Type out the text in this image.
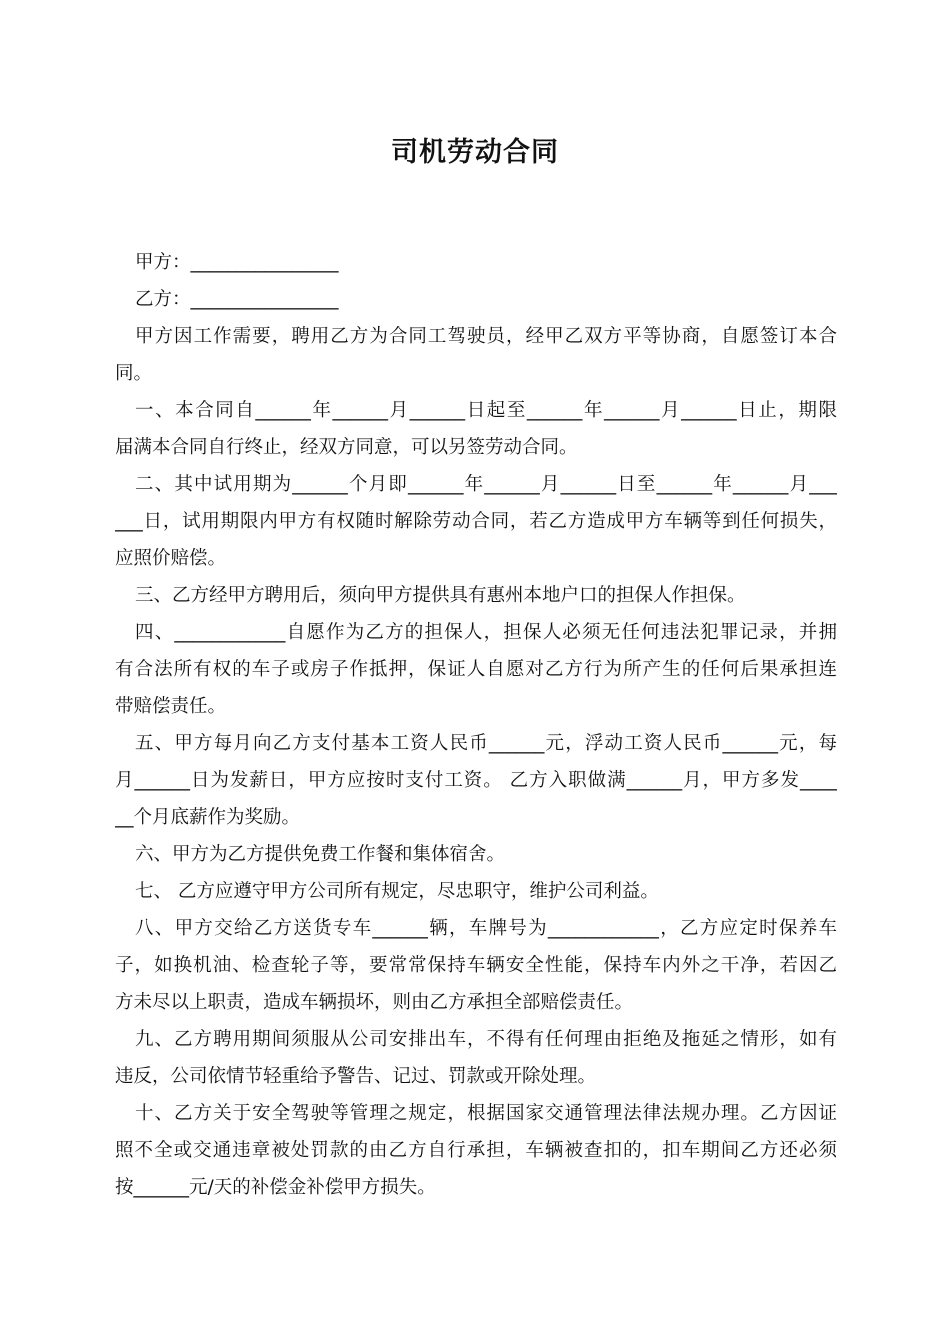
司机劳动合同
甲方：________________
乙方：________________
甲方因工作需要，聘用乙方为合同工驾驶员，经甲乙双方平等协商，自愿签订本合
同。
一、本合同自______年______月______日起至______年______月______日止，期限
届满本合同自行终止，经双方同意，可以另签劳动合同。
二、其中试用期为______个月即______年______月______日至______年______月___
___日，试用期限内甲方有权随时解除劳动合同，若乙方造成甲方车辆等到任何损失，
应照价赔偿。
三、乙方经甲方聘用后，须向甲方提供具有惠州本地户口的担保人作担保。
四、____________自愿作为乙方的担保人，担保人必须无任何违法犯罪记录，并拥
有合法所有权的车子或房子作抵押，保证人自愿对乙方行为所产生的任何后果承担连
带赔偿责任。
五、甲方每月向乙方支付基本工资人民币______元，浮动工资人民币______元，每
月______日为发薪日，甲方应按时支付工资。 乙方入职做满______月，甲方多发____
__个月底薪作为奖励。
六、甲方为乙方提供免费工作餐和集体宿舍。
七、 乙方应遵守甲方公司所有规定，尽忠职守，维护公司利益。
八、甲方交给乙方送货专车______辆，车牌号为____________，乙方应定时保养车
子，如换机油、检查轮子等，要常常保持车辆安全性能，保持车内外之干净，若因乙
方未尽以上职责，造成车辆损坏，则由乙方承担全部赔偿责任。
九、乙方聘用期间须服从公司安排出车，不得有任何理由拒绝及拖延之情形，如有
违反，公司依情节轻重给予警告、记过、罚款或开除处理。
十、乙方关于安全驾驶等管理之规定，根据国家交通管理法律法规办理。乙方因证
照不全或交通违章被处罚款的由乙方自行承担，车辆被查扣的，扣车期间乙方还必须
按______元/天的补偿金补偿甲方损失。
